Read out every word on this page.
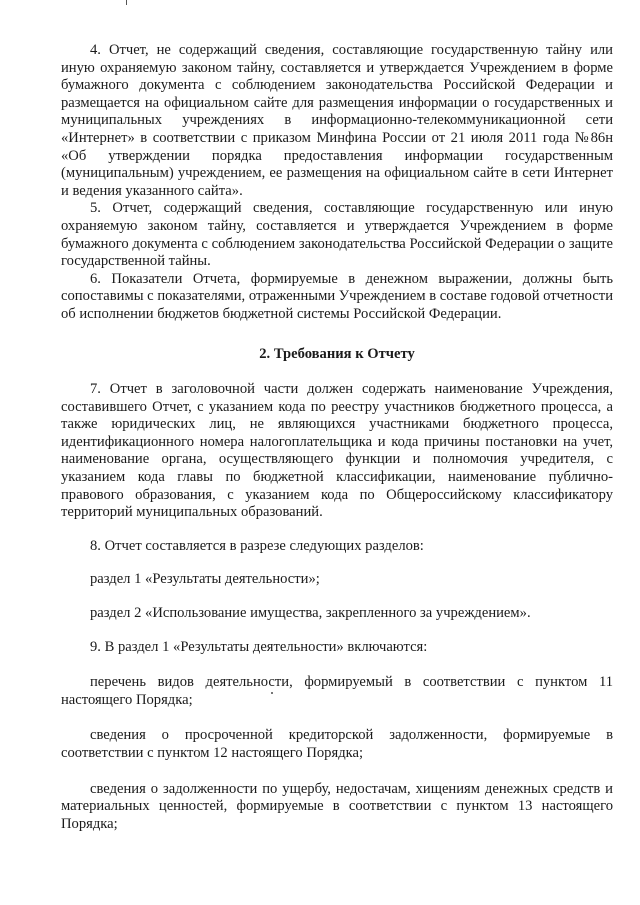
4. Отчет, не содержащий сведения, составляющие государственную тайну или иную охраняемую законом тайну, составляется и утверждается Учреждением в форме бумажного документа с соблюдением законодательства Российской Федерации и размещается на официальном сайте для размещения информации о государственных и муниципальных учреждениях в информационно-телекоммуникационной сети «Интернет» в соответствии с приказом Минфина России от 21 июля 2011 года №86н «Об утверждении порядка предоставления информации государственным (муниципальным) учреждением, ее размещения на официальном сайте в сети Интернет и ведения указанного сайта».

5. Отчет, содержащий сведения, составляющие государственную или иную охраняемую законом тайну, составляется и утверждается Учреждением в форме бумажного документа с соблюдением законодательства Российской Федерации о защите государственной тайны.

6. Показатели Отчета, формируемые в денежном выражении, должны быть сопоставимы с показателями, отраженными Учреждением в составе годовой отчетности об исполнении бюджетов бюджетной системы Российской Федерации.

2. Требования к Отчету

7. Отчет в заголовочной части должен содержать наименование Учреждения, составившего Отчет, с указанием кода по реестру участников бюджетного процесса, а также юридических лиц, не являющихся участниками бюджетного процесса, идентификационного номера налогоплательщика и кода причины постановки на учет, наименование органа, осуществляющего функции и полномочия учредителя, с указанием кода главы по бюджетной классификации, наименование публично-правового образования, с указанием кода по Общероссийскому классификатору территорий муниципальных образований.

8. Отчет составляется в разрезе следующих разделов:

раздел 1 «Результаты деятельности»;

раздел 2 «Использование имущества, закрепленного за учреждением».

9. В раздел 1 «Результаты деятельности» включаются:

перечень видов деятельности, формируемый в соответствии с пунктом 11 настоящего Порядка;

сведения о просроченной кредиторской задолженности, формируемые в соответствии с пунктом 12 настоящего Порядка;

сведения о задолженности по ущербу, недостачам, хищениям денежных средств и материальных ценностей, формируемые в соответствии с пунктом 13 настоящего Порядка;
